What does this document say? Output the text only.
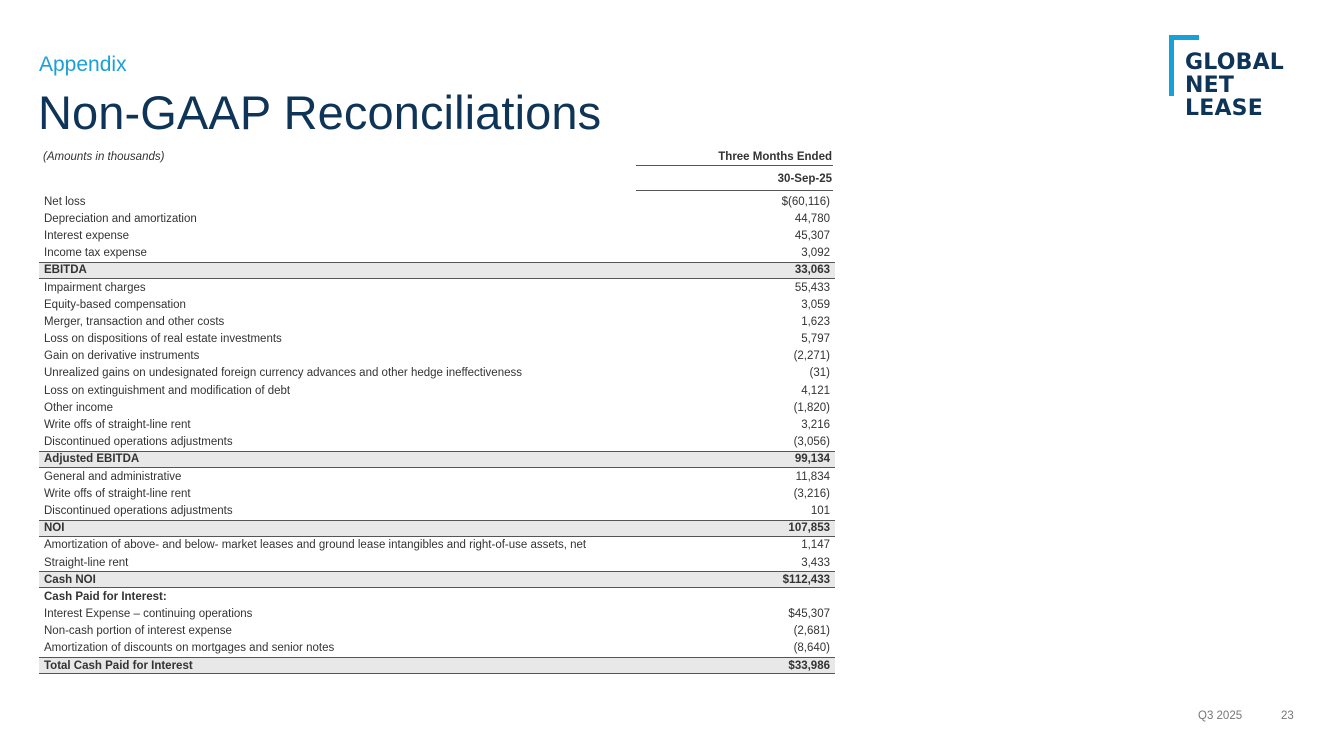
Appendix
Non-GAAP Reconciliations
GLOBAL
NET
LEASE
(Amounts in thousands)	Three Months Ended
30-Sep-25
Net loss	$(60,116)
Depreciation and amortization	44,780
Interest expense	45,307
Income tax expense	3,092
EBITDA	33,063
Impairment charges	55,433
Equity-based compensation	3,059
Merger, transaction and other costs	1,623
Loss on dispositions of real estate investments	5,797
Gain on derivative instruments	(2,271)
Unrealized gains on undesignated foreign currency advances and other hedge ineffectiveness	(31)
Loss on extinguishment and modification of debt	4,121
Other income	(1,820)
Write offs of straight-line rent	3,216
Discontinued operations adjustments	(3,056)
Adjusted EBITDA	99,134
General and administrative	11,834
Write offs of straight-line rent	(3,216)
Discontinued operations adjustments	101
NOI	107,853
Amortization of above- and below- market leases and ground lease intangibles and right-of-use assets, net	1,147
Straight-line rent	3,433
Cash NOI	$112,433
Cash Paid for Interest:
Interest Expense – continuing operations	$45,307
Non-cash portion of interest expense	(2,681)
Amortization of discounts on mortgages and senior notes	(8,640)
Total Cash Paid for Interest	$33,986
Q3 2025	23
